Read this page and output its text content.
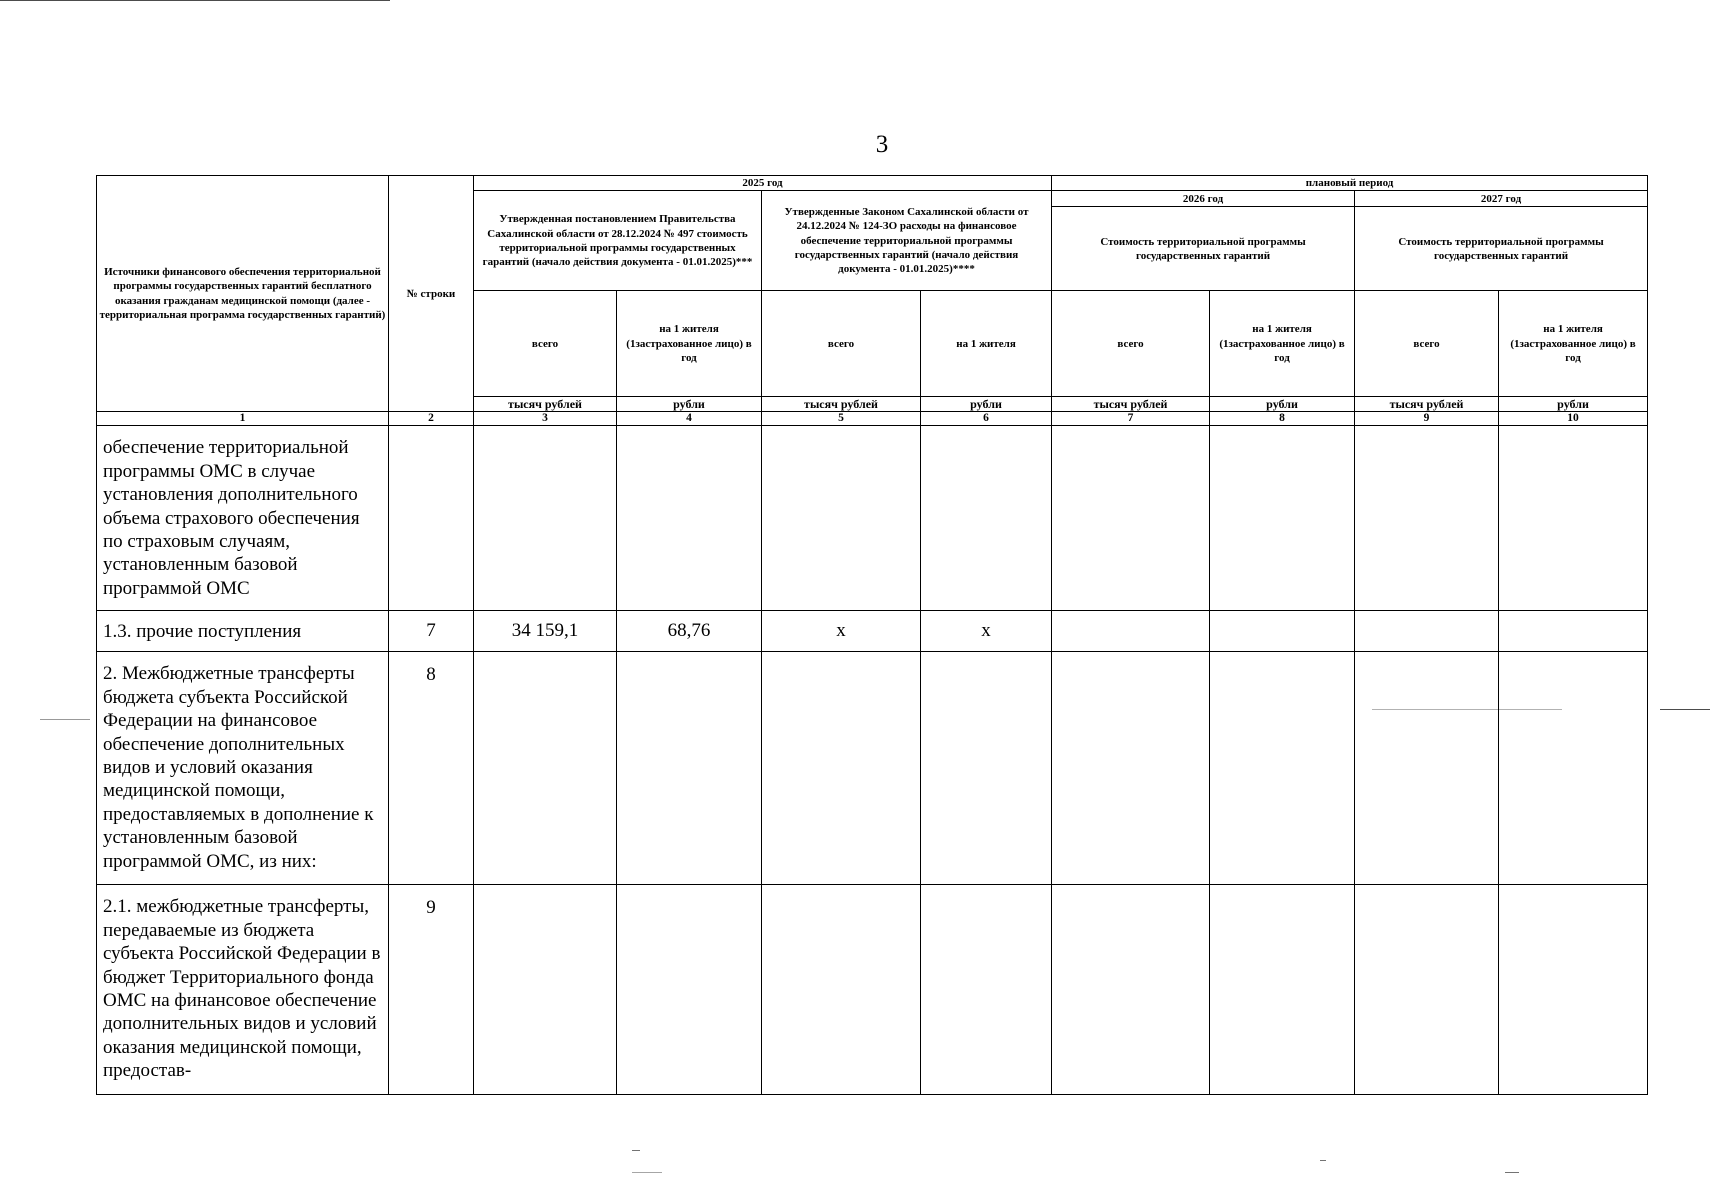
3
Источники финансового обеспечения территориальной программы государственных гарантий бесплатного оказания гражданам медицинской помощи (далее - территориальная программа государственных гарантий)	№ строки	2025 год				плановый период			
		Утвержденная постановлением Правительства Сахалинской области от 28.12.2024 № 497 стоимость территориальной программы государственных гарантий (начало действия документа - 01.01.2025)***		Утвержденные Законом Сахалинской области от 24.12.2024 № 124-ЗО расходы на финансовое обеспечение территориальной программы государственных гарантий (начало действия документа - 01.01.2025)****		2026 год		2027 год	
						Стоимость территориальной программы государственных гарантий		Стоимость территориальной программы государственных гарантий	
		всего	на 1 жителя (1застрахованное лицо) в год	всего	на 1 жителя	всего	на 1 жителя (1застрахованное лицо) в год	всего	на 1 жителя (1застрахованное лицо) в год
		тысяч рублей	рубли	тысяч рублей	рубли	тысяч рублей	рубли	тысяч рублей	рубли
1	2	3	4	5	6	7	8	9	10
обеспечение территориальной программы ОМС в случае установления дополнительного объема страхового обеспечения по страховым случаям, установленным базовой программой ОМС									
1.3. прочие поступления	7	34 159,1	68,76	х	х				
2. Межбюджетные трансферты бюджета субъекта Российской Федерации на финансовое обеспечение дополнительных видов и условий оказания медицинской помощи, предоставляемых в дополнение к установленным базовой программой ОМС, из них:	8								
2.1. межбюджетные трансферты, передаваемые из бюджета субъекта Российской Федерации в бюджет Территориального фонда ОМС на финансовое обеспечение дополнительных видов и условий оказания медицинской помощи, предостав-	9								
